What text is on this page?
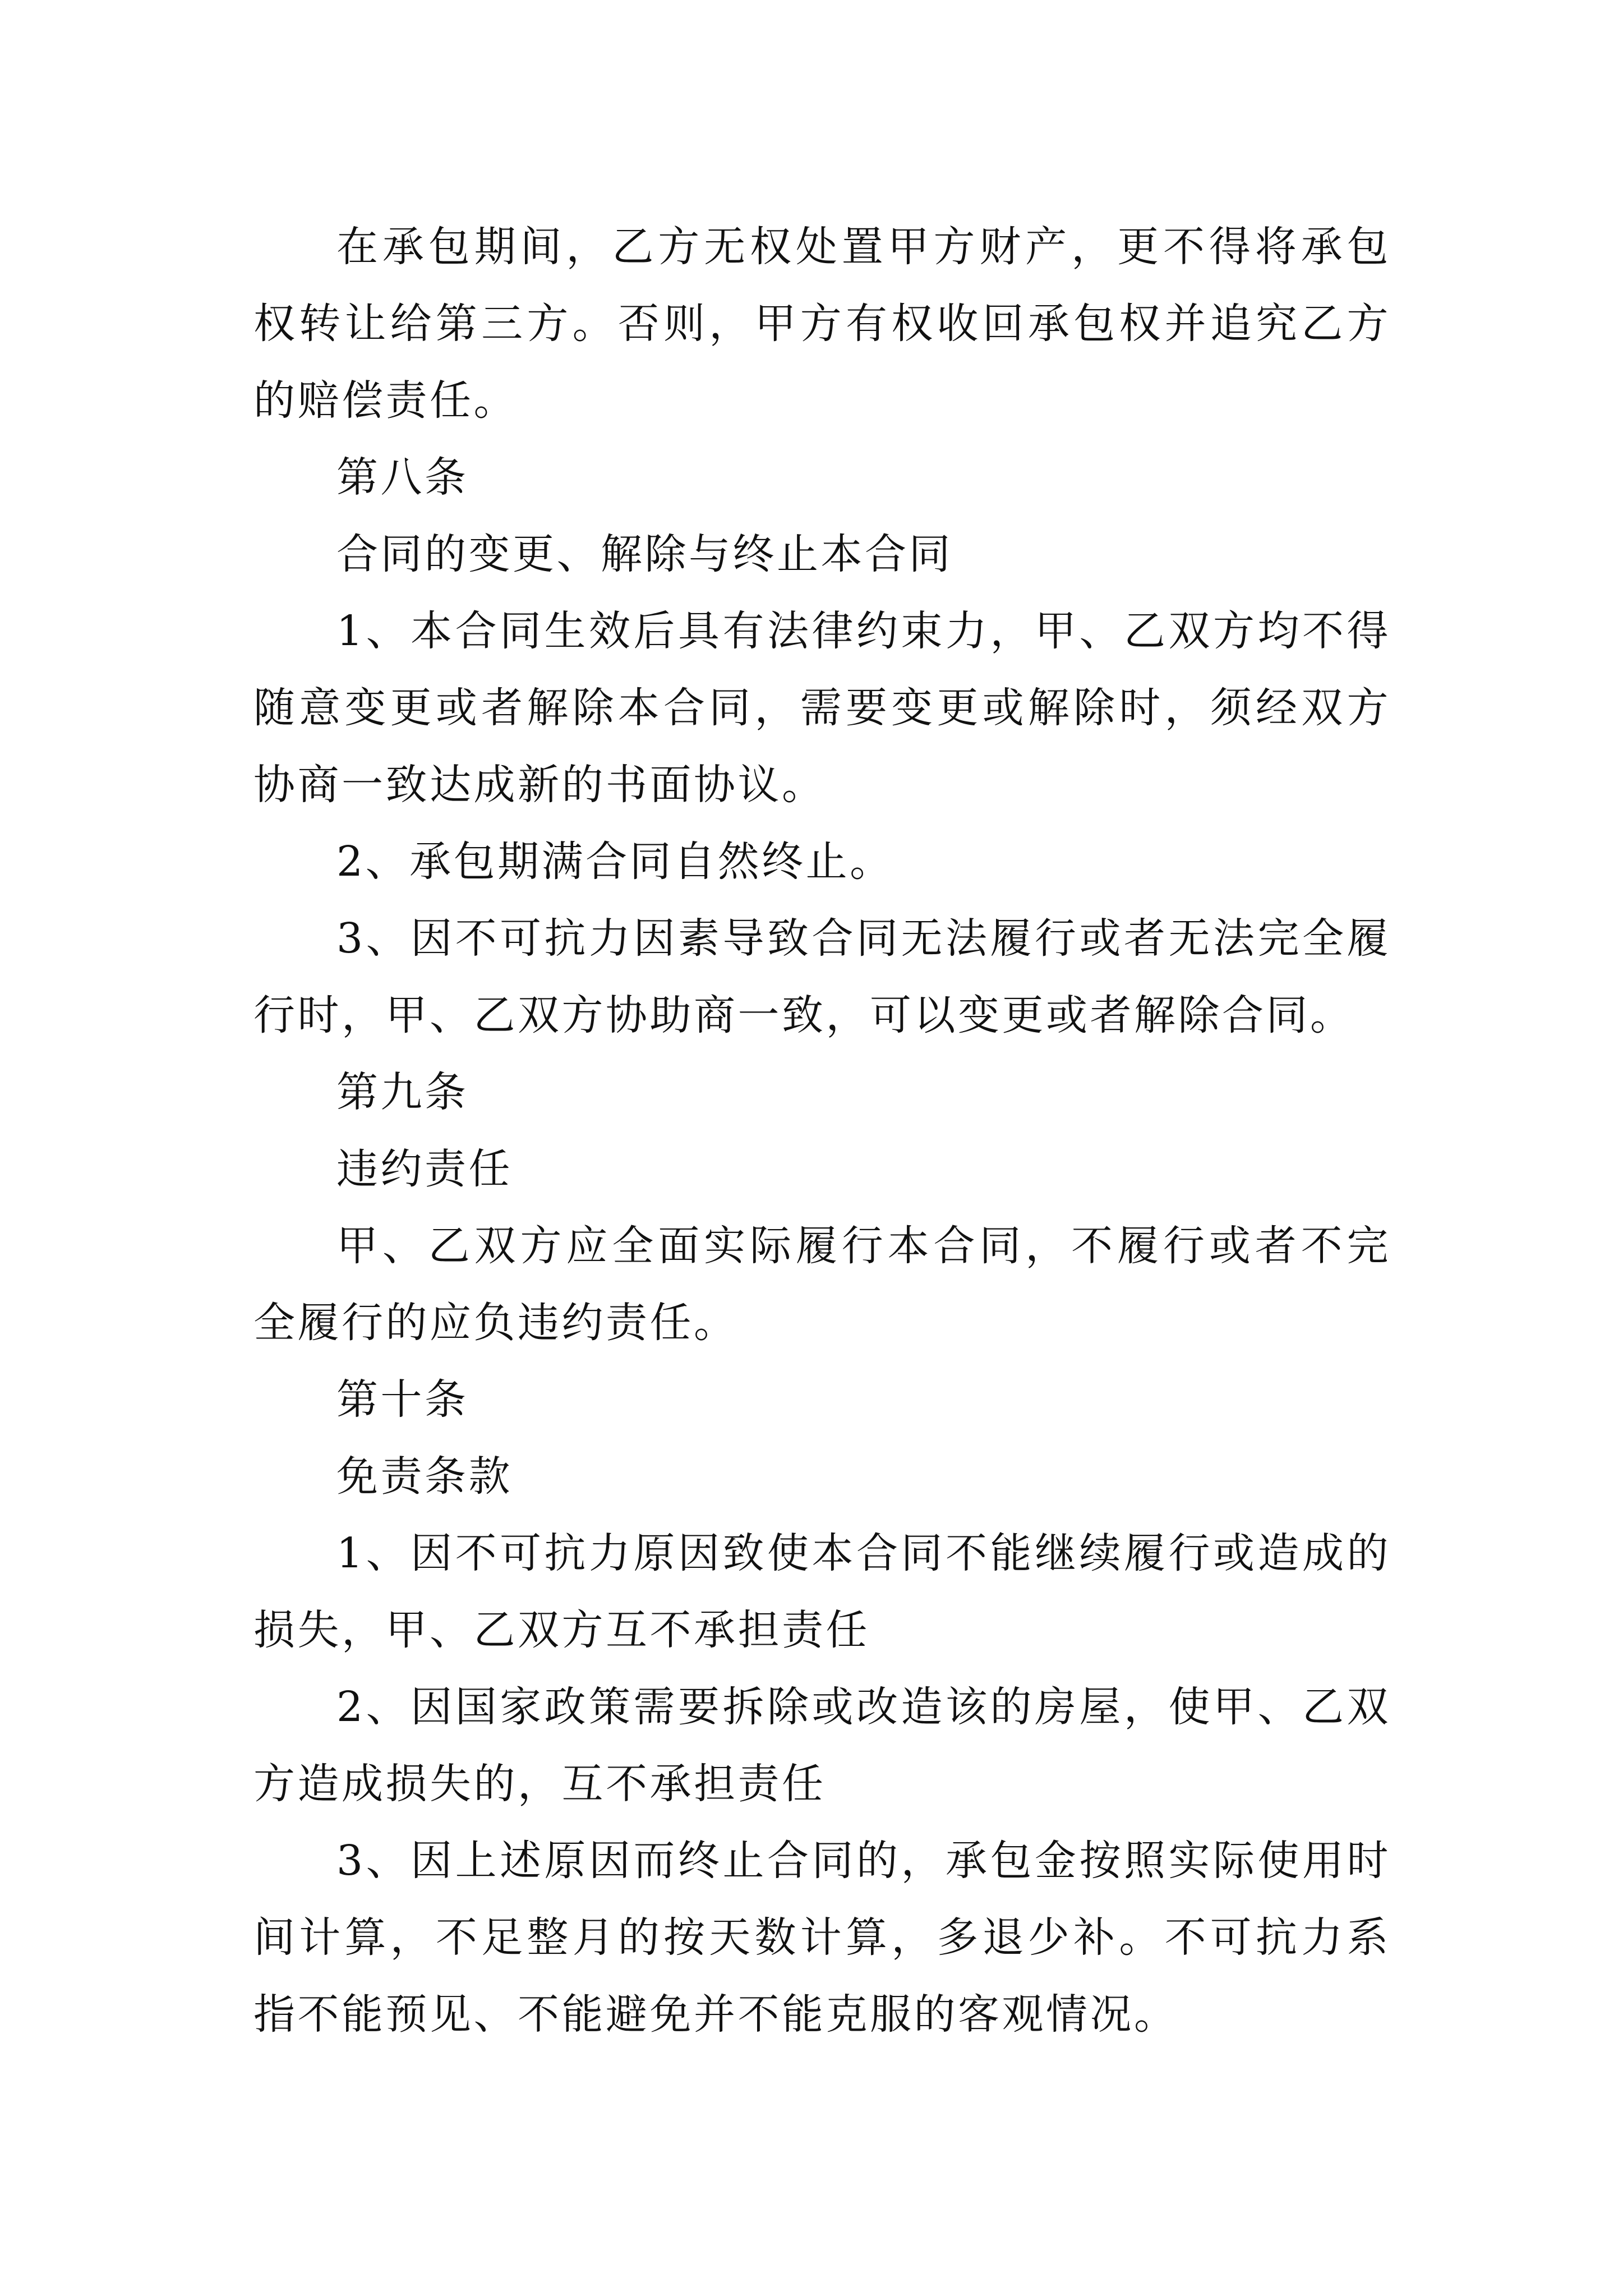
在承包期间，乙方无权处置甲方财产，更不得将承包权转让给第三方。否则，甲方有权收回承包权并追究乙方的赔偿责任。

第八条

合同的变更、解除与终止本合同

1、本合同生效后具有法律约束力，甲、乙双方均不得随意变更或者解除本合同，需要变更或解除时，须经双方协商一致达成新的书面协议。

2、承包期满合同自然终止。

3、因不可抗力因素导致合同无法履行或者无法完全履行时，甲、乙双方协助商一致，可以变更或者解除合同。

第九条

违约责任

甲、乙双方应全面实际履行本合同，不履行或者不完全履行的应负违约责任。

第十条

免责条款

1、因不可抗力原因致使本合同不能继续履行或造成的损失，甲、乙双方互不承担责任

2、因国家政策需要拆除或改造该的房屋，使甲、乙双方造成损失的，互不承担责任

3、因上述原因而终止合同的，承包金按照实际使用时间计算，不足整月的按天数计算，多退少补。不可抗力系指不能预见、不能避免并不能克服的客观情况。
